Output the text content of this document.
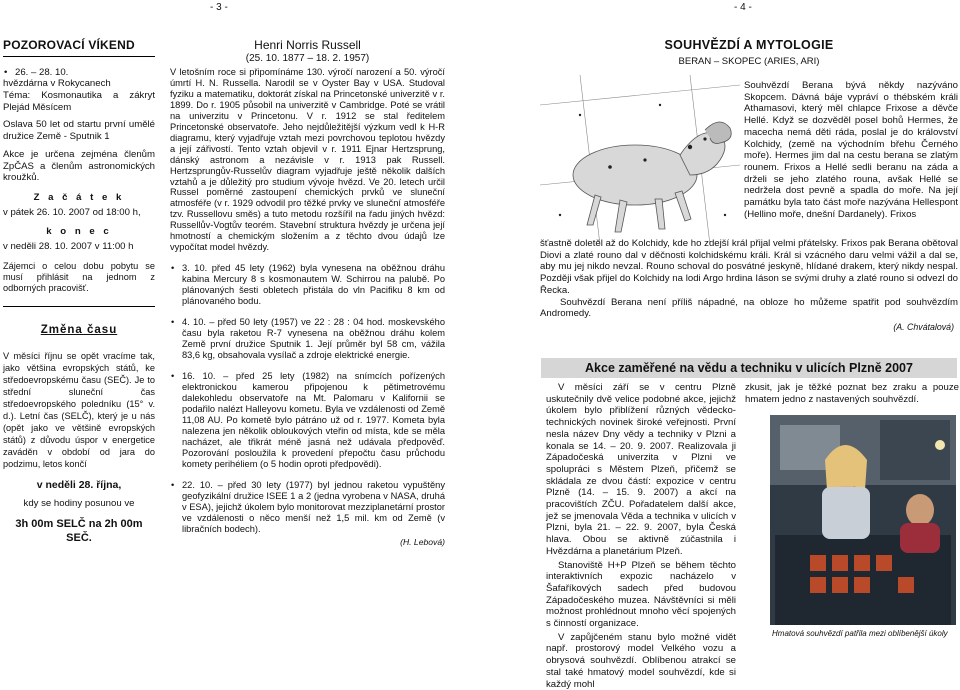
- 3 -	- 4 -
POZOROVACÍ VÍKEND
• 26. – 28. 10.
hvězdárna v Rokycanech
Téma: Kosmonautika a zákryt Plejád Měsícem
Oslava 50 let od startu první umělé družice Země - Sputnik 1
Akce je určena zejména členům ZpČAS a členům astronomických kroužků.
Z a č á t e k
v pátek 26. 10. 2007 od 18:00 h,
k o n e c
v neděli 28. 10. 2007 v 11:00 h
Zájemci o celou dobu pobytu se musí přihlásit na jednom z odborných pracovišť.
Změna času
V měsíci říjnu se opět vracíme tak, jako většina evropských států, ke středoevropskému času (SEČ). Je to střední sluneční čas středoevropského poledníku (15° v. d.). Letní čas (SELČ), který je u nás (opět jako ve většině evropských států) z důvodu úspor v energetice zaváděn v období od jara do podzimu, letos končí
v neděli 28. října,
kdy se hodiny posunou ve
3h 00m SELČ na 2h 00m SEČ.
Henri Norris Russell
(25. 10. 1877 – 18. 2. 1957)
V letošním roce si připomínáme 130. výročí narození a 50. výročí úmrtí H. N. Russella. Narodil se v Oyster Bay v USA. Studoval fyziku a matematiku, doktorát získal na Princetonské univerzitě v r. 1899. Do r. 1905 působil na univerzitě v Cambridge. Poté se vrátil na univerzitu v Princetonu. V r. 1912 se stal ředitelem Princetonské observatoře. Jeho nejdůležitější výzkum vedl k H-R diagramu, který vyjadřuje vztah mezi povrchovou teplotou hvězdy a její zářivostí. Tento vztah objevil v r. 1911 Ejnar Hertzsprung, dánský astronom a nezávisle v r. 1913 pak Russell. Hertzsprungův-Russelův diagram vyjadřuje ještě několik dalších vztahů a je důležitý pro studium vývoje hvězd. Ve 20. letech určil Russel poměrné zastoupení chemických prvků ve sluneční atmosféře (v r. 1929 odvodil pro těžké prvky ve sluneční atmosféře tzv. Russellovu směs) a tuto metodu rozšířil na řadu jiných hvězd: Russellův-Vogtův teorém. Stavební struktura hvězdy je určena její hmotností a chemickým složením a z těchto dvou údajů lze vypočítat model hvězdy.
• 3. 10. před 45 lety (1962) byla vynesena na oběžnou dráhu kabina Mercury 8 s kosmonautem W. Schirrou na palubě. Po plánovaných šesti obletech přistála do vln Pacifiku 8 km od plánovaného bodu.
• 4. 10. – před 50 lety (1957) ve 22 : 28 : 04 hod. moskevského času byla raketou R-7 vynesena na oběžnou dráhu kolem Země první družice Sputnik 1. Její průměr byl 58 cm, vážila 83,6 kg, obsahovala vysílač a zdroje elektrické energie.
• 16. 10. – před 25 lety (1982) na snímcích pořízených elektronickou kamerou připojenou k pětimetrovému dalekohledu observatoře na Mt. Palomaru v Kalifornii se podařilo nalézt Halleyovu kometu. Byla ve vzdálenosti od Země 11,08 AU. Po kometě bylo pátráno už od r. 1977. Kometa byla nalezena jen několik obloukových vteřin od místa, kde se měla nacházet, ale třikrát méně jasná než udávala předpověď. Pozorování posloužila k provedení přepočtu času průchodu komety perihéliem (o 5 hodin oproti předpovědi).
• 22. 10. – před 30 lety (1977) byl jednou raketou vypuštěny geofyzikální družice ISEE 1 a 2 (jedna vyrobena v NASA, druhá v ESA), jejichž úkolem bylo monitorovat mezziplanetární prostor ve vzdálenosti o něco menší než 1,5 mil. km od Země (v libračních bodech).
(H. Lebová)
SOUHVĚZDÍ A MYTOLOGIE
BERAN – SKOPEC (ARIES, ARI)
Souhvězdí Berana bývá někdy nazýváno Skopcem. Dávná báje vypráví o thébském králi Athamasovi, který měl chlapce Frixose a děvče Hellé. Když se dozvěděl posel bohů Hermes, že macecha nemá děti ráda, poslal je do království Kolchidy, (země na východním břehu Černého moře). Hermes jim dal na cestu berana se zlatým rounem. Frixos a Hellé sedli beranu na záda a drželi se jeho zlatého rouna, avšak Hellé se nedržela dost pevně a spadla do moře. Na její památku byla tato část moře nazývána Hellespont (Hellino moře, dnešní Dardanely). Frixos
šťastně doletěl až do Kolchidy, kde ho zdejší král přijal velmi přátelsky. Frixos pak Berana obětoval Diovi a zlaté rouno dal v děčnosti kolchidskému králi. Král si vzácného daru velmi vážil a dal se, aby mu jej nikdo nevzal. Rouno schoval do posvátné jeskyně, hlídané drakem, který nikdy nespal. Později však přijel do Kolchidy na lodi Argo hrdina Iáson se svými druhy a zlaté rouno si odvezl do Řecka.
Souhvězdí Berana není příliš nápadné, na obloze ho můžeme spatřit pod souhvězdím Andromedy.
(A. Chvátalová)
Akce zaměřené na vědu a techniku v ulicích Plzně 2007
V měsíci září se v centru Plzně uskutečnily dvě velice podobné akce, jejichž úkolem bylo přiblížení různých vědecko-technických novinek široké veřejnosti. První nesla název Dny vědy a techniky v Plzni a konala se 14. – 20. 9. 2007. Realizovala ji Západočeská univerzita v Plzni ve spolupráci s Městem Plzeň, přičemž se skládala ze dvou částí: expozice v centru Plzně (14. – 15. 9. 2007) a akcí na pracovištích ZČU. Pořadatelem další akce, jež se jmenovala Věda a technika v ulicích v Plzni, byla 21. – 22. 9. 2007, byla Česká hlava. Obou se aktivně zúčastnila i Hvězdárna a planetárium Plzeň.
Stanoviště H+P Plzeň se během těchto interaktivních expozic nacházelo v Šafaříkových sadech před budovou Západočeského muzea. Návštěvníci si měli možnost prohlédnout mnoho věcí spojených s činností organizace.
V zapůjčeném stanu bylo možné vidět např. prostorový model Velkého vozu a obrysová souhvězdí. Oblíbenou atrakcí se stal také hmatový model souhvězdí, kde si každý mohl
zkusit, jak je těžké poznat bez zraku a pouze hmatem jedno z nastavených souhvězdí.
Hmatová souhvězdí patřila mezi oblíbenější úkoly
